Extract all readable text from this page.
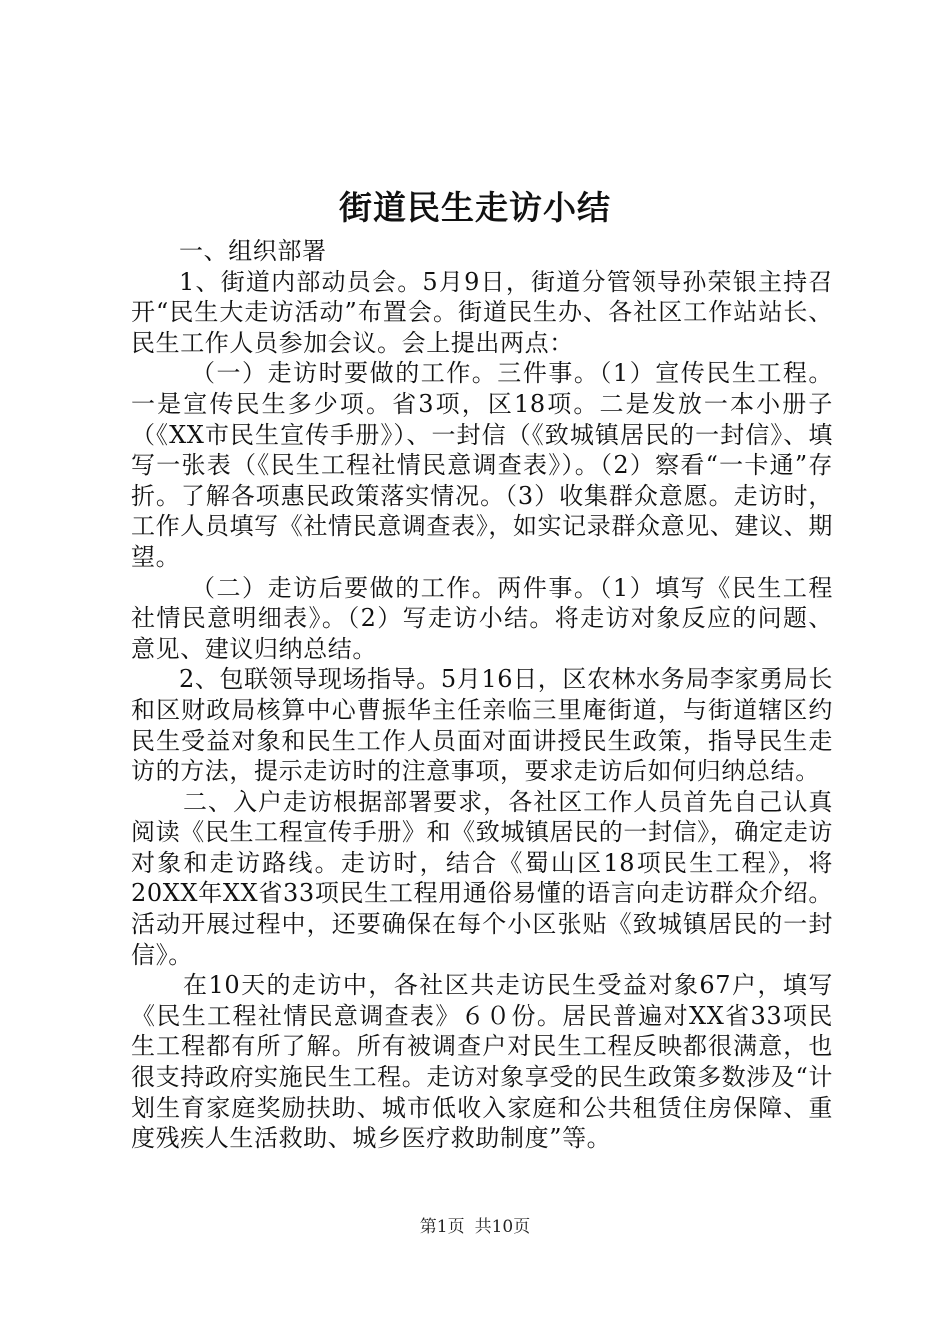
街道民生走访小结

一、组织部署

1、街道内部动员会。5月9日，街道分管领导孙荣银主持召开“民生大走访活动”布置会。街道民生办、各社区工作站站长、民生工作人员参加会议。会上提出两点：

（一）走访时要做的工作。三件事。（1）宣传民生工程。一是宣传民生多少项。省3项，区18项。二是发放一本小册子（《XX市民生宣传手册》）、一封信（《致城镇居民的一封信》、填写一张表（《民生工程社情民意调查表》）。（2）察看“一卡通”存折。了解各项惠民政策落实情况。（3）收集群众意愿。走访时，工作人员填写《社情民意调查表》，如实记录群众意见、建议、期望。

（二）走访后要做的工作。两件事。（1）填写《民生工程社情民意明细表》。（2）写走访小结。将走访对象反应的问题、意见、建议归纳总结。

2、包联领导现场指导。5月16日，区农林水务局李家勇局长和区财政局核算中心曹振华主任亲临三里庵街道，与街道辖区约民生受益对象和民生工作人员面对面讲授民生政策，指导民生走访的方法，提示走访时的注意事项，要求走访后如何归纳总结。

二、入户走访根据部署要求，各社区工作人员首先自己认真阅读《民生工程宣传手册》和《致城镇居民的一封信》，确定走访对象和走访路线。走访时，结合《蜀山区18项民生工程》，将20XX年XX省33项民生工程用通俗易懂的语言向走访群众介绍。活动开展过程中，还要确保在每个小区张贴《致城镇居民的一封信》。

在10天的走访中，各社区共走访民生受益对象67户，填写《民生工程社情民意调查表》６０份。居民普遍对XX省33项民生工程都有所了解。所有被调查户对民生工程反映都很满意，也很支持政府实施民生工程。走访对象享受的民生政策多数涉及“计划生育家庭奖励扶助、城市低收入家庭和公共租赁住房保障、重度残疾人生活救助、城乡医疗救助制度”等。

第1页 共10页
